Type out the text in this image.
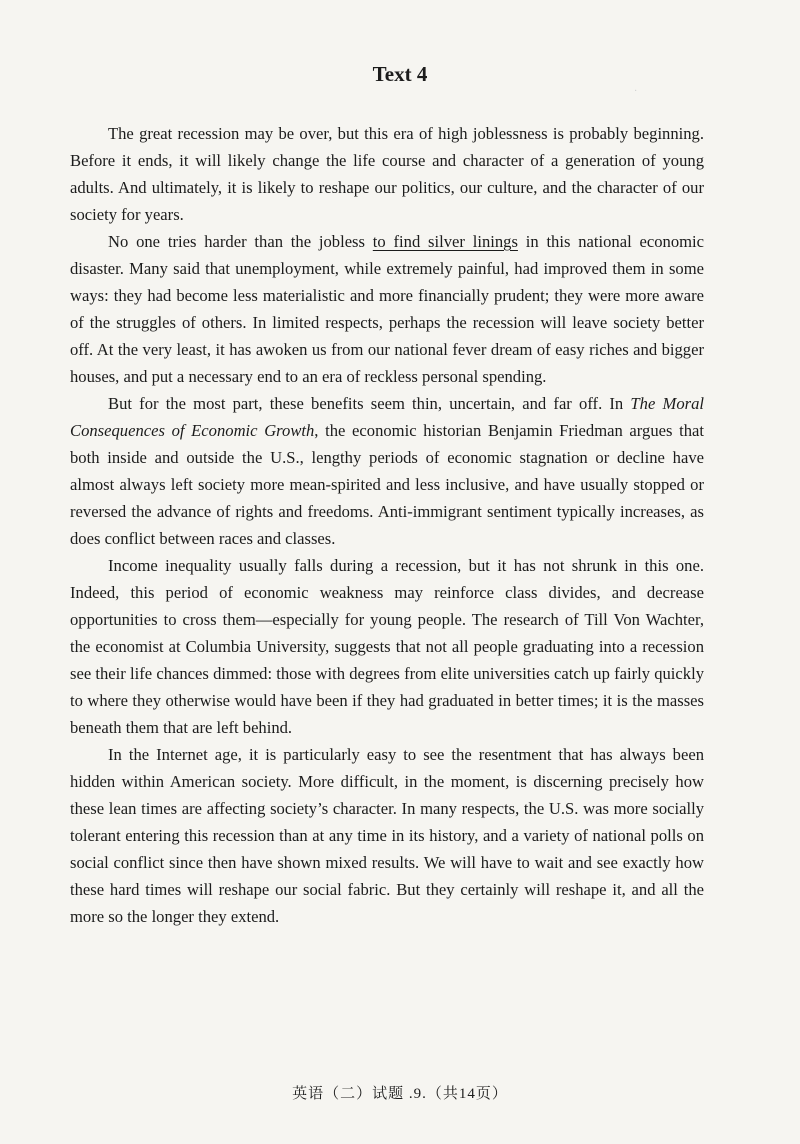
Text 4

The great recession may be over, but this era of high joblessness is probably beginning. Before it ends, it will likely change the life course and character of a generation of young adults. And ultimately, it is likely to reshape our politics, our culture, and the character of our society for years.

No one tries harder than the jobless to find silver linings in this national economic disaster. Many said that unemployment, while extremely painful, had improved them in some ways: they had become less materialistic and more financially prudent; they were more aware of the struggles of others. In limited respects, perhaps the recession will leave society better off. At the very least, it has awoken us from our national fever dream of easy riches and bigger houses, and put a necessary end to an era of reckless personal spending.

But for the most part, these benefits seem thin, uncertain, and far off. In The Moral Consequences of Economic Growth, the economic historian Benjamin Friedman argues that both inside and outside the U.S., lengthy periods of economic stagnation or decline have almost always left society more mean-spirited and less inclusive, and have usually stopped or reversed the advance of rights and freedoms. Anti-immigrant sentiment typically increases, as does conflict between races and classes.

Income inequality usually falls during a recession, but it has not shrunk in this one. Indeed, this period of economic weakness may reinforce class divides, and decrease opportunities to cross them—especially for young people. The research of Till Von Wachter, the economist at Columbia University, suggests that not all people graduating into a recession see their life chances dimmed: those with degrees from elite universities catch up fairly quickly to where they otherwise would have been if they had graduated in better times; it is the masses beneath them that are left behind.

In the Internet age, it is particularly easy to see the resentment that has always been hidden within American society. More difficult, in the moment, is discerning precisely how these lean times are affecting society’s character. In many respects, the U.S. was more socially tolerant entering this recession than at any time in its history, and a variety of national polls on social conflict since then have shown mixed results. We will have to wait and see exactly how these hard times will reshape our social fabric. But they certainly will reshape it, and all the more so the longer they extend.

英语（二）试题 .9.（共14页）
·
